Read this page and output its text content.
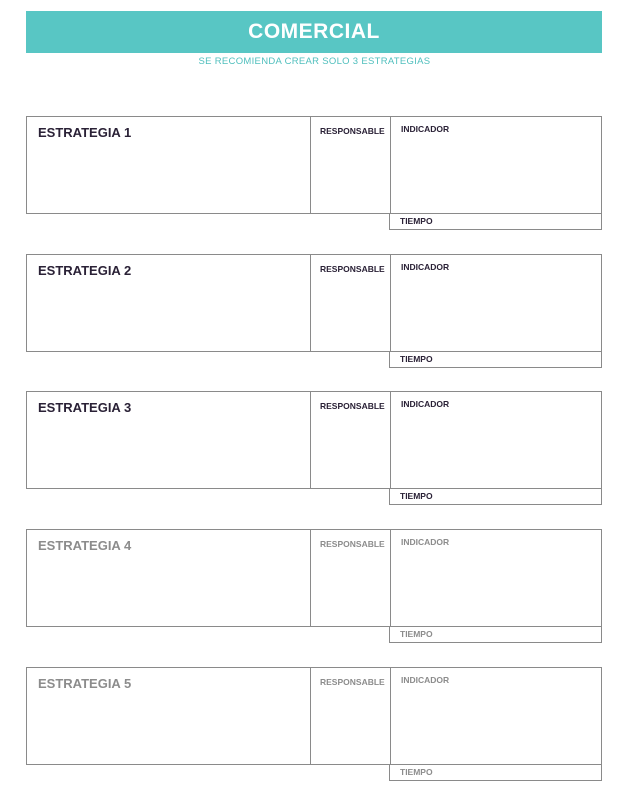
COMERCIAL
SE RECOMIENDA CREAR SOLO 3 ESTRATEGIAS
ESTRATEGIA 1	RESPONSABLE INDICADOR
TIEMPO
ESTRATEGIA 2	RESPONSABLE INDICADOR
TIEMPO
ESTRATEGIA 3	RESPONSABLE INDICADOR
TIEMPO
ESTRATEGIA 4	RESPONSABLE INDICADOR
TIEMPO
ESTRATEGIA 5	RESPONSABLE INDICADOR
TIEMPO
